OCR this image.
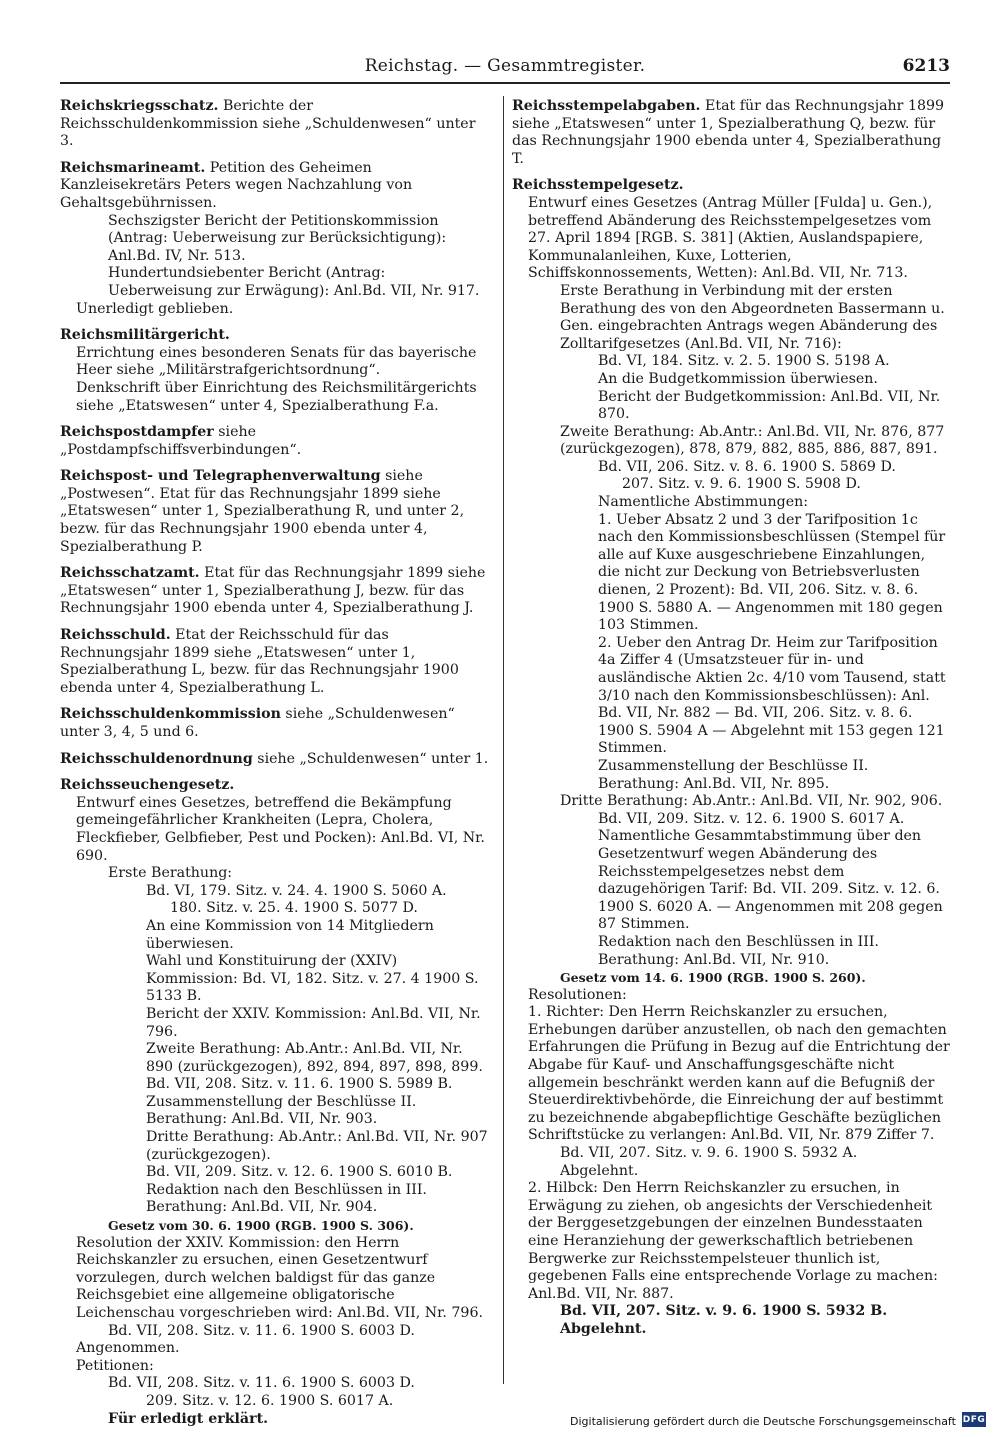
Reichstag. — Gesammtregister.	6213

Reichskriegsschatz. Berichte der Reichsschuldenkommission siehe „Schuldenwesen“ unter 3.

Reichsmarineamt. Petition des Geheimen Kanzleisekretärs Peters wegen Nachzahlung von Gehaltsgebührnissen.

Sechszigster Bericht der Petitionskommission (Antrag: Ueberweisung zur Berücksichtigung): Anl.Bd. IV, Nr. 513.

Hundertundsiebenter Bericht (Antrag: Ueberweisung zur Erwägung): Anl.Bd. VII, Nr. 917.

Unerledigt geblieben.

Reichsmilitärgericht.

Errichtung eines besonderen Senats für das bayerische Heer siehe „Militärstrafgerichtsordnung“.

Denkschrift über Einrichtung des Reichsmilitärgerichts siehe „Etatswesen“ unter 4, Spezialberathung F.a.

Reichspostdampfer siehe „Postdampfschiffsverbindungen“.

Reichspost- und Telegraphenverwaltung siehe „Postwesen“. Etat für das Rechnungsjahr 1899 siehe „Etatswesen“ unter 1, Spezialberathung R, und unter 2, bezw. für das Rechnungsjahr 1900 ebenda unter 4, Spezialberathung P.

Reichsschatzamt. Etat für das Rechnungsjahr 1899 siehe „Etatswesen“ unter 1, Spezialberathung J, bezw. für das Rechnungsjahr 1900 ebenda unter 4, Spezialberathung J.

Reichsschuld. Etat der Reichsschuld für das Rechnungsjahr 1899 siehe „Etatswesen“ unter 1, Spezialberathung L, bezw. für das Rechnungsjahr 1900 ebenda unter 4, Spezialberathung L.

Reichsschuldenkommission siehe „Schuldenwesen“ unter 3, 4, 5 und 6.

Reichsschuldenordnung siehe „Schuldenwesen“ unter 1.

Reichsseuchengesetz.

Entwurf eines Gesetzes, betreffend die Bekämpfung gemeingefährlicher Krankheiten (Lepra, Cholera, Fleckfieber, Gelbfieber, Pest und Pocken): Anl.Bd. VI, Nr. 690.

Erste Berathung:

Bd. VI, 179. Sitz. v. 24. 4. 1900 S. 5060 A.

180. Sitz. v. 25. 4. 1900 S. 5077 D.

An eine Kommission von 14 Mitgliedern überwiesen.

Wahl und Konstituirung der (XXIV) Kommission: Bd. VI, 182. Sitz. v. 27. 4 1900 S. 5133 B.

Bericht der XXIV. Kommission: Anl.Bd. VII, Nr. 796.

Zweite Berathung: Ab.Antr.: Anl.Bd. VII, Nr. 890 (zurückgezogen), 892, 894, 897, 898, 899.

Bd. VII, 208. Sitz. v. 11. 6. 1900 S. 5989 B.

Zusammenstellung der Beschlüsse II. Berathung: Anl.Bd. VII, Nr. 903.

Dritte Berathung: Ab.Antr.: Anl.Bd. VII, Nr. 907 (zurückgezogen).

Bd. VII, 209. Sitz. v. 12. 6. 1900 S. 6010 B.

Redaktion nach den Beschlüssen in III. Berathung: Anl.Bd. VII, Nr. 904.

Gesetz vom 30. 6. 1900 (RGB. 1900 S. 306).

Resolution der XXIV. Kommission: den Herrn Reichskanzler zu ersuchen, einen Gesetzentwurf vorzulegen, durch welchen baldigst für das ganze Reichsgebiet eine allgemeine obligatorische Leichenschau vorgeschrieben wird: Anl.Bd. VII, Nr. 796.

Bd. VII, 208. Sitz. v. 11. 6. 1900 S. 6003 D.

Angenommen.

Petitionen:

Bd. VII, 208. Sitz. v. 11. 6. 1900 S. 6003 D.

209. Sitz. v. 12. 6. 1900 S. 6017 A.

Für erledigt erklärt.

Reichsstempelabgaben. Etat für das Rechnungsjahr 1899 siehe „Etatswesen“ unter 1, Spezialberathung Q, bezw. für das Rechnungsjahr 1900 ebenda unter 4, Spezialberathung T.

Reichsstempelgesetz.

Entwurf eines Gesetzes (Antrag Müller [Fulda] u. Gen.), betreffend Abänderung des Reichsstempelgesetzes vom 27. April 1894 [RGB. S. 381] (Aktien, Auslandspapiere, Kommunalanleihen, Kuxe, Lotterien, Schiffskonnossements, Wetten): Anl.Bd. VII, Nr. 713.

Erste Berathung in Verbindung mit der ersten Berathung des von den Abgeordneten Bassermann u. Gen. eingebrachten Antrags wegen Abänderung des Zolltarifgesetzes (Anl.Bd. VII, Nr. 716):

Bd. VI, 184. Sitz. v. 2. 5. 1900 S. 5198 A.

An die Budgetkommission überwiesen.

Bericht der Budgetkommission: Anl.Bd. VII, Nr. 870.

Zweite Berathung: Ab.Antr.: Anl.Bd. VII, Nr. 876, 877 (zurückgezogen), 878, 879, 882, 885, 886, 887, 891.

Bd. VII, 206. Sitz. v. 8. 6. 1900 S. 5869 D.

207. Sitz. v. 9. 6. 1900 S. 5908 D.

Namentliche Abstimmungen:

1. Ueber Absatz 2 und 3 der Tarifposition 1c nach den Kommissionsbeschlüssen (Stempel für alle auf Kuxe ausgeschriebene Einzahlungen, die nicht zur Deckung von Betriebsverlusten dienen, 2 Prozent): Bd. VII, 206. Sitz. v. 8. 6. 1900 S. 5880 A. — Angenommen mit 180 gegen 103 Stimmen.

2. Ueber den Antrag Dr. Heim zur Tarifposition 4a Ziffer 4 (Umsatzsteuer für in- und ausländische Aktien 2c. 4/10 vom Tausend, statt 3/10 nach den Kommissionsbeschlüssen): Anl. Bd. VII, Nr. 882 — Bd. VII, 206. Sitz. v. 8. 6. 1900 S. 5904 A — Abgelehnt mit 153 gegen 121 Stimmen.

Zusammenstellung der Beschlüsse II. Berathung: Anl.Bd. VII, Nr. 895.

Dritte Berathung: Ab.Antr.: Anl.Bd. VII, Nr. 902, 906.

Bd. VII, 209. Sitz. v. 12. 6. 1900 S. 6017 A.

Namentliche Gesammtabstimmung über den Gesetzentwurf wegen Abänderung des Reichsstempelgesetzes nebst dem dazugehörigen Tarif: Bd. VII. 209. Sitz. v. 12. 6. 1900 S. 6020 A. — Angenommen mit 208 gegen 87 Stimmen.

Redaktion nach den Beschlüssen in III. Berathung: Anl.Bd. VII, Nr. 910.

Gesetz vom 14. 6. 1900 (RGB. 1900 S. 260).

Resolutionen:

1. Richter: Den Herrn Reichskanzler zu ersuchen, Erhebungen darüber anzustellen, ob nach den gemachten Erfahrungen die Prüfung in Bezug auf die Entrichtung der Abgabe für Kauf- und Anschaffungsgeschäfte nicht allgemein beschränkt werden kann auf die Befugniß der Steuerdirektivbehörde, die Einreichung der auf bestimmt zu bezeichnende abgabepflichtige Geschäfte bezüglichen Schriftstücke zu verlangen: Anl.Bd. VII, Nr. 879 Ziffer 7.

Bd. VII, 207. Sitz. v. 9. 6. 1900 S. 5932 A.

Abgelehnt.

2. Hilbck: Den Herrn Reichskanzler zu ersuchen, in Erwägung zu ziehen, ob angesichts der Verschiedenheit der Berggesetzgebungen der einzelnen Bundesstaaten eine Heranziehung der gewerkschaftlich betriebenen Bergwerke zur Reichsstempelsteuer thunlich ist, gegebenen Falls eine entsprechende Vorlage zu machen: Anl.Bd. VII, Nr. 887.

Bd. VII, 207. Sitz. v. 9. 6. 1900 S. 5932 B.

Abgelehnt.

Digitalisierung gefördert durch die Deutsche Forschungsgemeinschaft DFG
